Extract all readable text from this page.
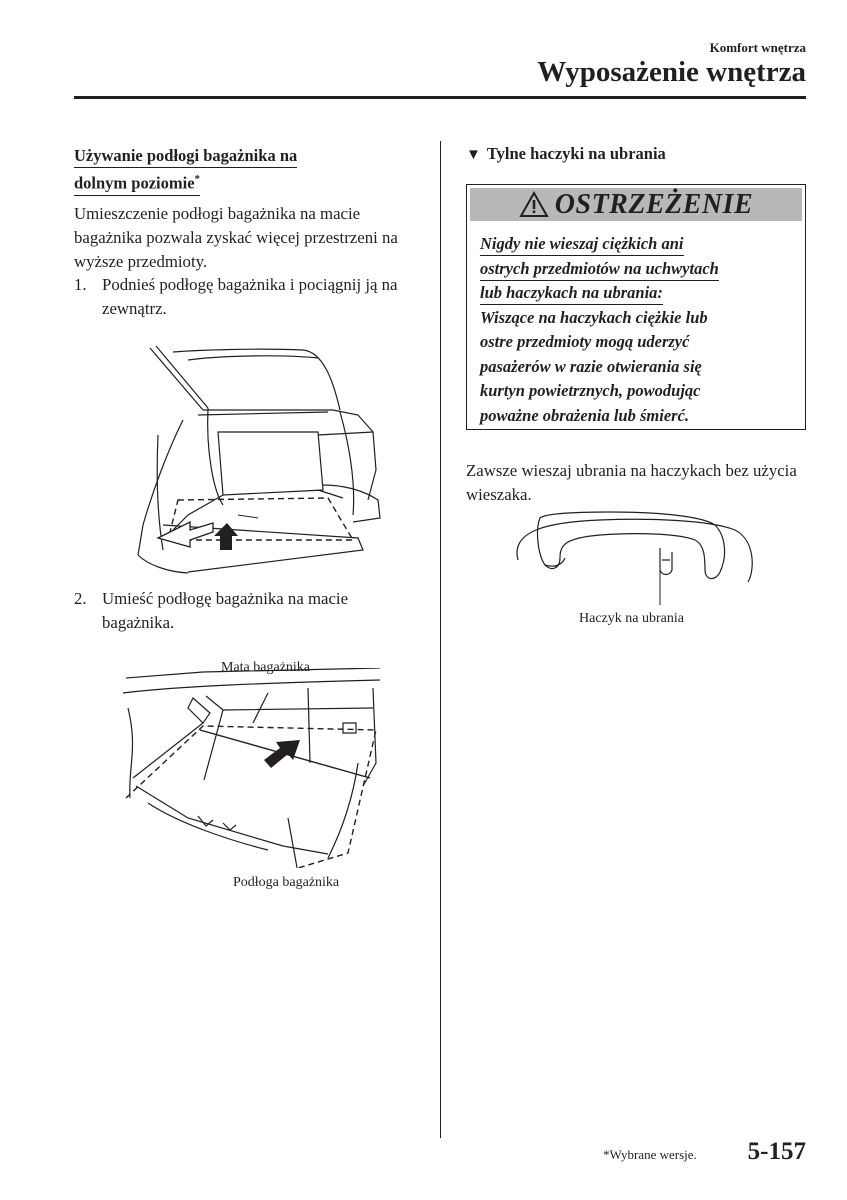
Komfort wnętrza
Wyposażenie wnętrza
Używanie podłogi bagażnika na
dolnym poziomie*
Umieszczenie podłogi bagażnika na macie bagażnika pozwala zyskać więcej przestrzeni na wyższe przedmioty.
1. Podnieś podłogę bagażnika i pociągnij ją na zewnątrz.
2. Umieść podłogę bagażnika na macie bagażnika.
Mata bagażnika
Podłoga bagażnika
▼ Tylne haczyki na ubrania
OSTRZEŻENIE
Nigdy nie wieszaj ciężkich ani
ostrych przedmiotów na uchwytach
lub haczykach na ubrania:
Wiszące na haczykach ciężkie lub
ostre przedmioty mogą uderzyć
pasażerów w razie otwierania się
kurtyn powietrznych, powodując
poważne obrażenia lub śmierć.
Zawsze wieszaj ubrania na haczykach bez użycia wieszaka.
Haczyk na ubrania
*Wybrane wersje. 5-157
